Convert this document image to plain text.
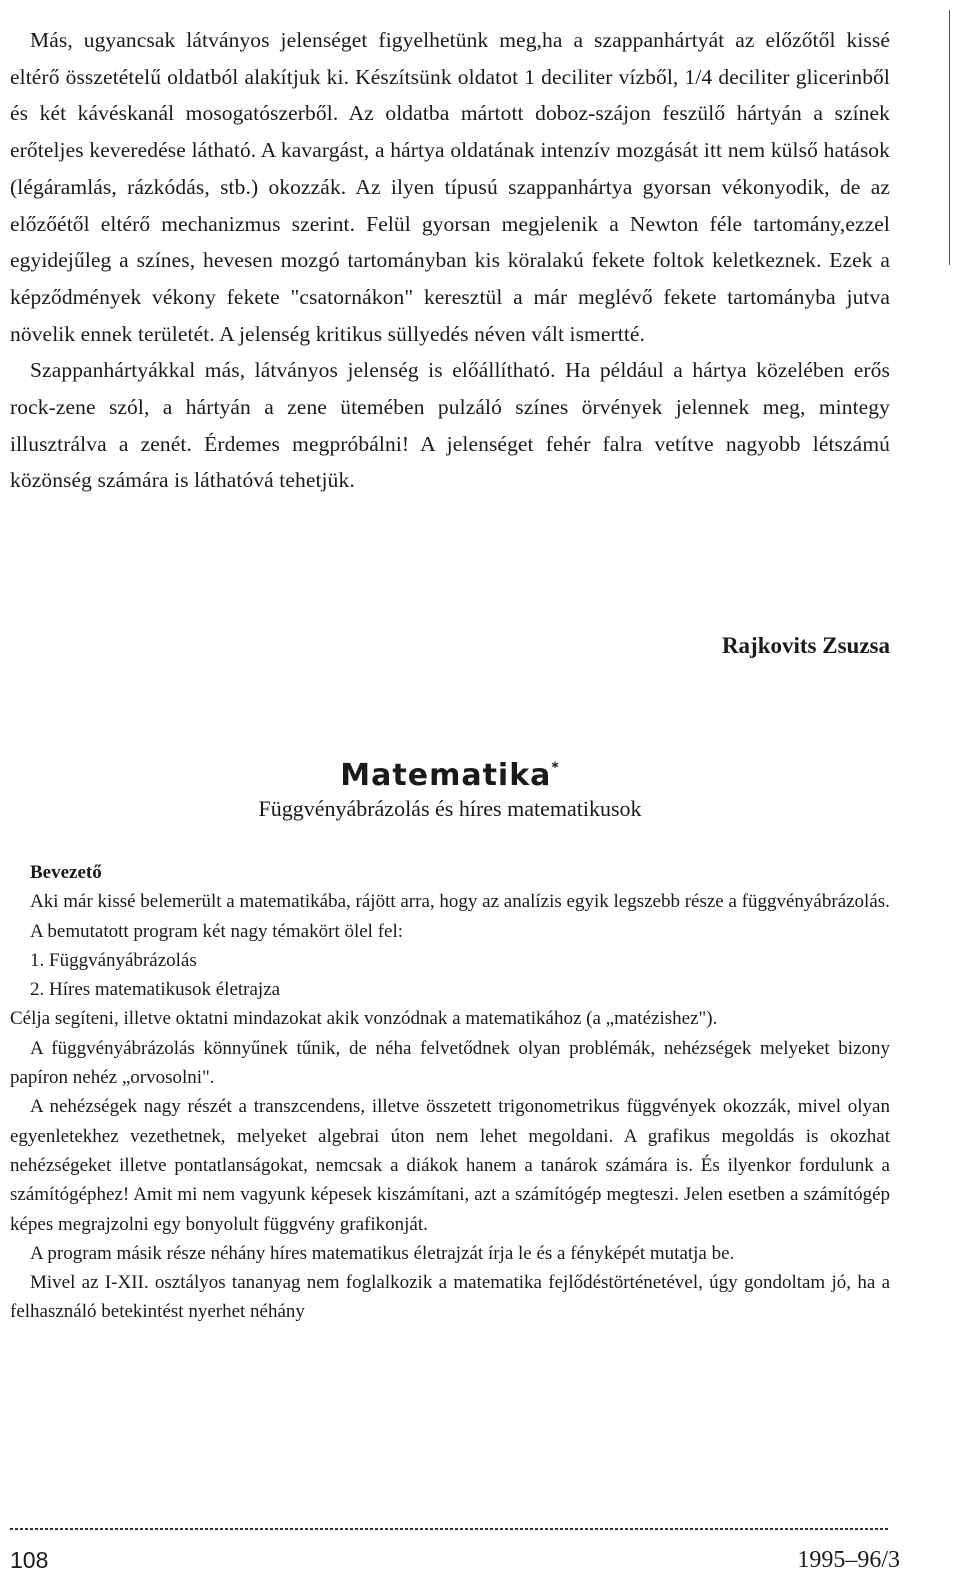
Más, ugyancsak látványos jelenséget figyelhetünk meg,ha a szappanhártyát az előzőtől kissé eltérő összetételű oldatból alakítjuk ki. Készítsünk oldatot 1 deciliter vízből, 1/4 deciliter glicerinből és két kávéskanál mosogatószerből. Az oldatba mártott doboz-szájon feszülő hártyán a színek erőteljes keveredése látható. A kavargást, a hártya oldatának intenzív mozgását itt nem külső hatások (légáramlás, rázkódás, stb.) okozzák. Az ilyen típusú szappanhártya gyorsan vékonyodik, de az előzőétől eltérő mechanizmus szerint. Felül gyorsan megjelenik a Newton féle tartomány,ezzel egyidejűleg a színes, hevesen mozgó tartományban kis köralakú fekete foltok keletkeznek. Ezek a képződmények vékony fekete "csatornákon" keresztül a már meglévő fekete tartományba jutva növelik ennek területét. A jelenség kritikus süllyedés néven vált ismertté.

Szappanhártyákkal más, látványos jelenség is előállítható. Ha például a hártya közelében erős rock-zene szól, a hártyán a zene ütemében pulzáló színes örvények jelennek meg, mintegy illusztrálva a zenét. Érdemes megpróbálni! A jelenséget fehér falra vetítve nagyobb létszámú közönség számára is láthatóvá tehetjük.

Rajkovits Zsuzsa
Matematika*
Függvényábrázolás és híres matematikusok

Bevezető

Aki már kissé belemerült a matematikába, rájött arra, hogy az analízis egyik legszebb része a függvényábrázolás.

A bemutatott program két nagy témakört ölel fel:

1. Függványábrázolás

2. Híres matematikusok életrajza

Célja segíteni, illetve oktatni mindazokat akik vonzódnak a matematikához (a „matézishez").

A függvényábrázolás könnyűnek tűnik, de néha felvetődnek olyan problémák, nehézségek melyeket bizony papíron nehéz „orvosolni".

A nehézségek nagy részét a transzcendens, illetve összetett trigonometrikus függvények okozzák, mivel olyan egyenletekhez vezethetnek, melyeket algebrai úton nem lehet megoldani. A grafikus megoldás is okozhat nehézségeket illetve pontatlanságokat, nemcsak a diákok hanem a tanárok számára is. És ilyenkor fordulunk a számítógéphez! Amit mi nem vagyunk képesek kiszámítani, azt a számítógép megteszi. Jelen esetben a számítógép képes megrajzolni egy bonyolult függvény grafikonját.

A program másik része néhány híres matematikus életrajzát írja le és a fényképét mutatja be.

Mivel az I-XII. osztályos tananyag nem foglalkozik a matematika fejlődéstörténetével, úgy gondoltam jó, ha a felhasználó betekintést nyerhet néhány

108	1995–96/3
